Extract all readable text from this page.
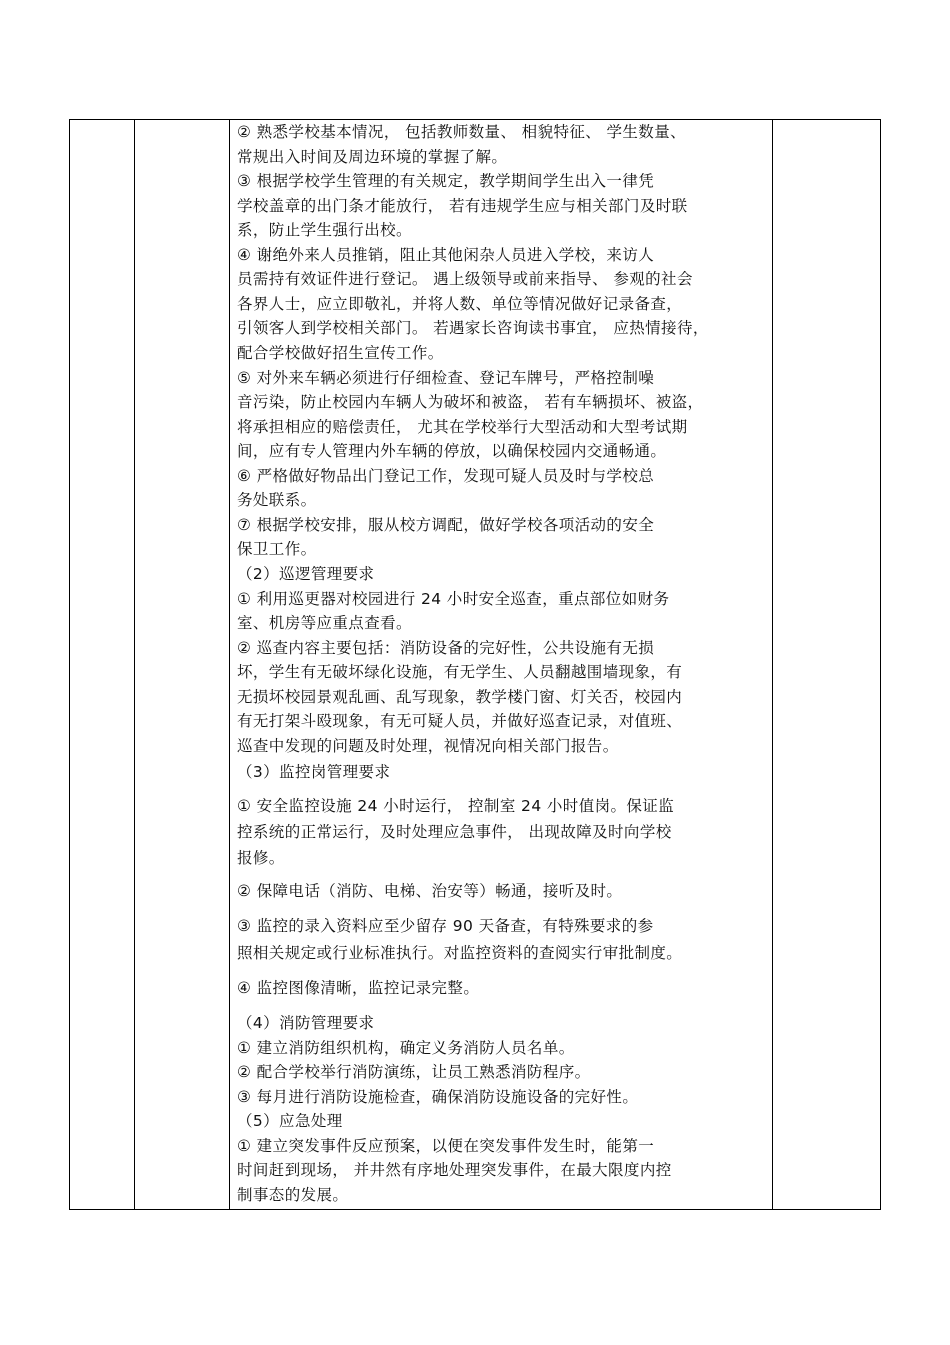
② 熟悉学校基本情况， 包括教师数量、 相貌特征、 学生数量、
常规出入时间及周边环境的掌握了解。
③ 根据学校学生管理的有关规定，教学期间学生出入一律凭
学校盖章的出门条才能放行， 若有违规学生应与相关部门及时联
系，防止学生强行出校。
④ 谢绝外来人员推销，阻止其他闲杂人员进入学校，来访人
员需持有效证件进行登记。 遇上级领导或前来指导、 参观的社会
各界人士，应立即敬礼，并将人数、单位等情况做好记录备查，
引领客人到学校相关部门。 若遇家长咨询读书事宜， 应热情接待，
配合学校做好招生宣传工作。
⑤ 对外来车辆必须进行仔细检查、登记车牌号，严格控制噪
音污染，防止校园内车辆人为破坏和被盗， 若有车辆损坏、被盗，
将承担相应的赔偿责任， 尤其在学校举行大型活动和大型考试期
间，应有专人管理内外车辆的停放，以确保校园内交通畅通。
⑥ 严格做好物品出门登记工作，发现可疑人员及时与学校总
务处联系。
⑦ 根据学校安排，服从校方调配，做好学校各项活动的安全
保卫工作。
（2）巡逻管理要求
① 利用巡更器对校园进行 24 小时安全巡查，重点部位如财务
室、机房等应重点查看。
② 巡查内容主要包括：消防设备的完好性，公共设施有无损
坏，学生有无破坏绿化设施，有无学生、人员翻越围墙现象，有
无损坏校园景观乱画、乱写现象，教学楼门窗、灯关否，校园内
有无打架斗殴现象，有无可疑人员，并做好巡查记录，对值班、
巡查中发现的问题及时处理，视情况向相关部门报告。
（3）监控岗管理要求
① 安全监控设施 24 小时运行， 控制室 24 小时值岗。保证监
控系统的正常运行，及时处理应急事件， 出现故障及时向学校
报修。
② 保障电话（消防、电梯、治安等）畅通，接听及时。
③ 监控的录入资料应至少留存 90 天备查，有特殊要求的参
照相关规定或行业标准执行。对监控资料的查阅实行审批制度。
④ 监控图像清晰，监控记录完整。
（4）消防管理要求
① 建立消防组织机构，确定义务消防人员名单。
② 配合学校举行消防演练，让员工熟悉消防程序。
③ 每月进行消防设施检查，确保消防设施设备的完好性。
（5）应急处理
① 建立突发事件反应预案，以便在突发事件发生时，能第一
时间赶到现场， 并井然有序地处理突发事件，在最大限度内控
制事态的发展。
